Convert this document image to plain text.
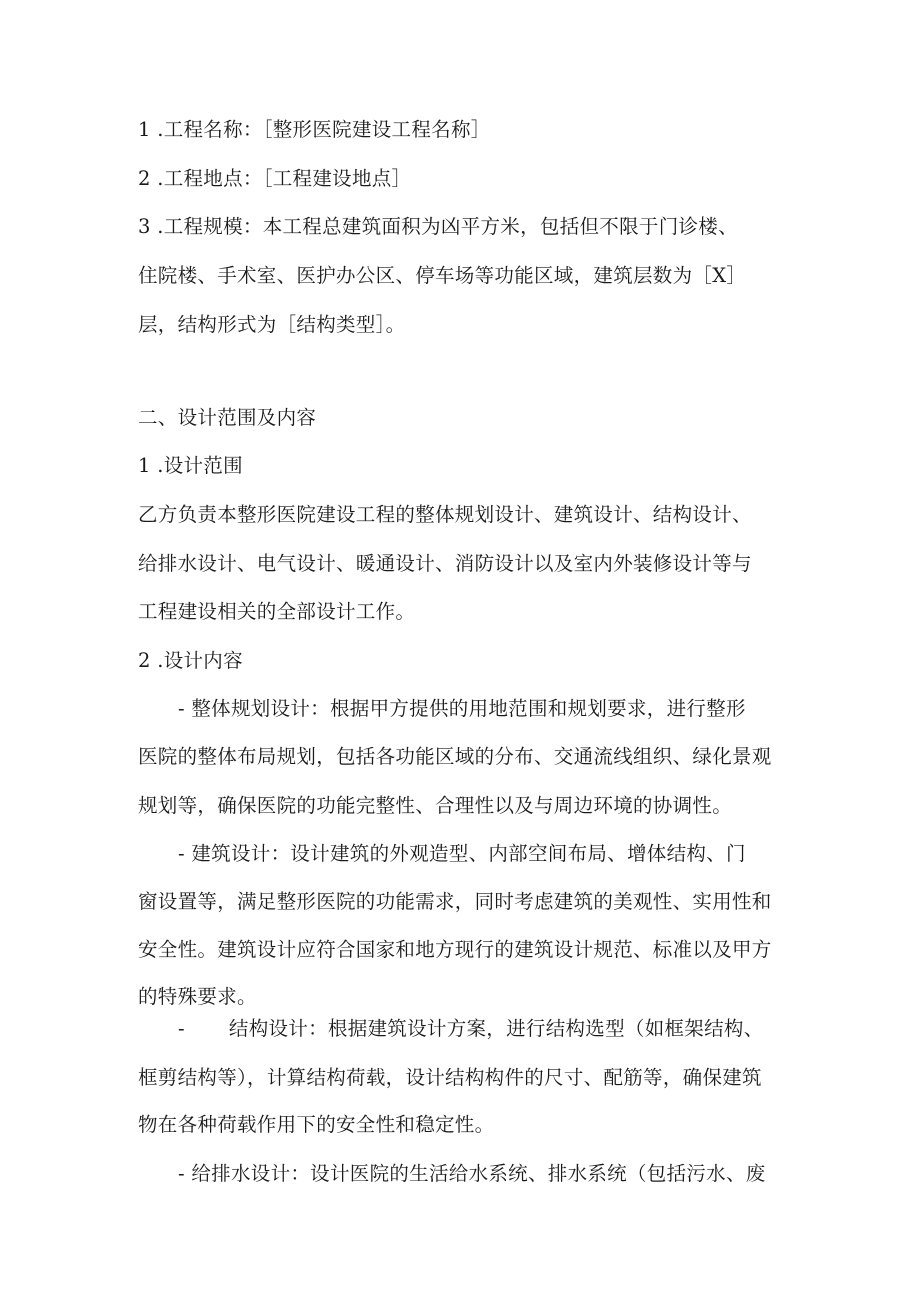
1 .工程名称：［整形医院建设工程名称］
2 .工程地点：［工程建设地点］
3 .工程规模：本工程总建筑面积为凶平方米，包括但不限于门诊楼、
住院楼、手术室、医护办公区、停车场等功能区域，建筑层数为［X］
层，结构形式为［结构类型］。
二、设计范围及内容
1 .设计范围
乙方负责本整形医院建设工程的整体规划设计、建筑设计、结构设计、
给排水设计、电气设计、暖通设计、消防设计以及室内外装修设计等与
工程建设相关的全部设计工作。
2 .设计内容
- 整体规划设计：根据甲方提供的用地范围和规划要求，进行整形
医院的整体布局规划，包括各功能区域的分布、交通流线组织、绿化景观
规划等，确保医院的功能完整性、合理性以及与周边环境的协调性。
- 建筑设计：设计建筑的外观造型、内部空间布局、增体结构、门
窗设置等，满足整形医院的功能需求，同时考虑建筑的美观性、实用性和
安全性。建筑设计应符合国家和地方现行的建筑设计规范、标准以及甲方
的特殊要求。
- 结构设计：根据建筑设计方案，进行结构选型（如框架结构、
框剪结构等），计算结构荷载，设计结构构件的尺寸、配筋等，确保建筑
物在各种荷载作用下的安全性和稳定性。
- 给排水设计：设计医院的生活给水系统、排水系统（包括污水、废
